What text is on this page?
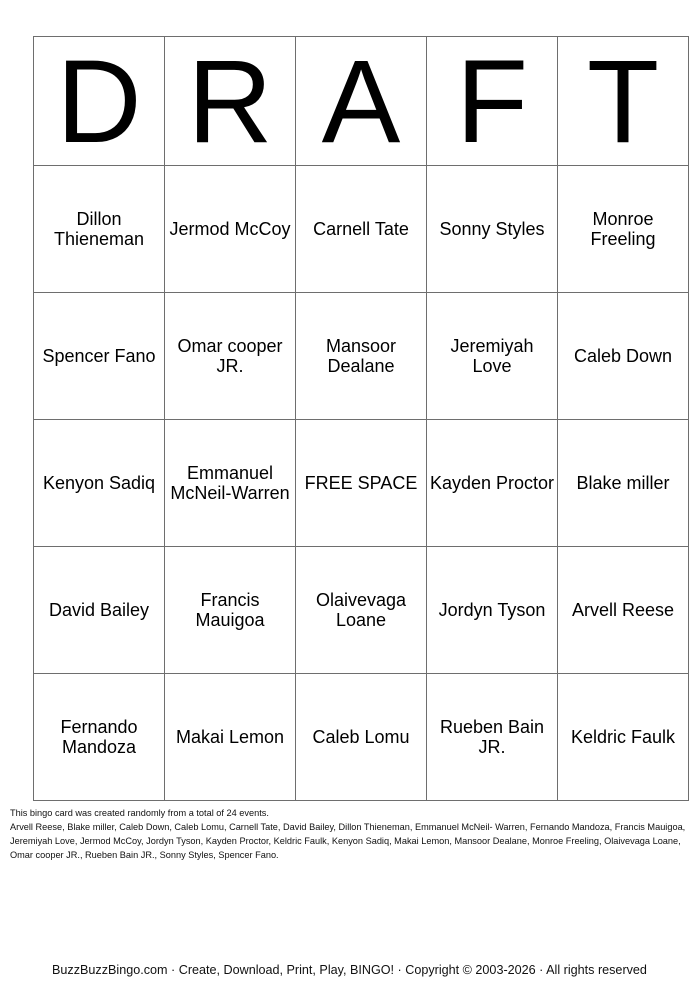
D	R	A	F	T
Dillon Thieneman	Jermod McCoy	Carnell Tate	Sonny Styles	Monroe Freeling
Spencer Fano	Omar cooper JR.	Mansoor Dealane	Jeremiyah Love	Caleb Down
Kenyon Sadiq	Emmanuel McNeil-Warren	FREE SPACE	Kayden Proctor	Blake miller
David Bailey	Francis Mauigoa	Olaivevaga Loane	Jordyn Tyson	Arvell Reese
Fernando Mandoza	Makai Lemon	Caleb Lomu	Rueben Bain JR.	Keldric Faulk
This bingo card was created randomly from a total of 24 events.
Arvell Reese, Blake miller, Caleb Down, Caleb Lomu, Carnell Tate, David Bailey, Dillon Thieneman, Emmanuel McNeil- Warren, Fernando Mandoza, Francis Mauigoa, Jeremiyah Love, Jermod McCoy, Jordyn Tyson, Kayden Proctor, Keldric Faulk, Kenyon Sadiq, Makai Lemon, Mansoor Dealane, Monroe Freeling, Olaivevaga Loane, Omar cooper JR., Rueben Bain JR., Sonny Styles, Spencer Fano.
BuzzBuzzBingo.com · Create, Download, Print, Play, BINGO! · Copyright © 2003-2026 · All rights reserved
